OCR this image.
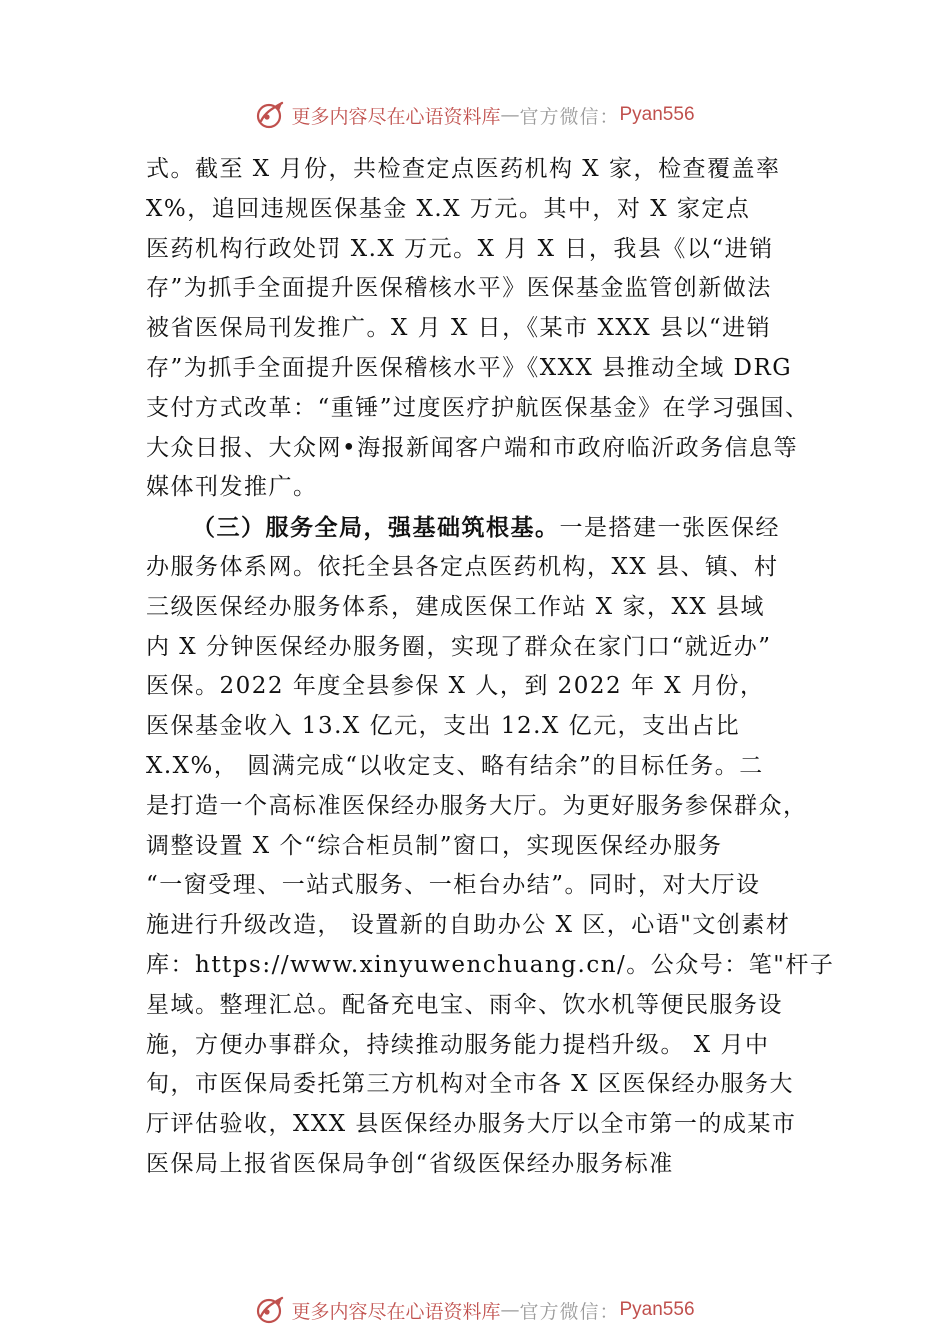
更多内容尽在心语资料库 — 官方微信： Pyan556
式。截至 X 月份，共检查定点医药机构 X 家，检查覆盖率
X%，追回违规医保基金 X.X 万元。其中，对 X 家定点
医药机构行政处罚 X.X 万元。X 月 X 日，我县《以“进销
存”为抓手全面提升医保稽核水平》医保基金监管创新做法
被省医保局刊发推广。X 月 X 日，《某市 XXX 县以“进销
存”为抓手全面提升医保稽核水平》《XXX 县推动全域 DRG
支付方式改革：“重锤”过度医疗护航医保基金》在学习强国、
大众日报、大众网•海报新闻客户端和市政府临沂政务信息等
媒体刊发推广。
（三）服务全局，强基础筑根基。一是搭建一张医保经
办服务体系网。依托全县各定点医药机构，XX 县、镇、村
三级医保经办服务体系，建成医保工作站 X 家，XX 县域
内 X 分钟医保经办服务圈，实现了群众在家门口“就近办”
医保。2022 年度全县参保 X 人，到 2022 年 X 月份，
医保基金收入 13.X 亿元，支出 12.X 亿元，支出占比
X.X%， 圆满完成“以收定支、略有结余”的目标任务。二
是打造一个高标准医保经办服务大厅。为更好服务参保群众，
调整设置 X 个“综合柜员制”窗口，实现医保经办服务
“一窗受理、一站式服务、一柜台办结”。同时，对大厅设
施进行升级改造， 设置新的自助办公 X 区，心语"文创素材
库：https://www.xinyuwenchuang.cn/。公众号：笔"杆子
星域。整理汇总。配备充电宝、雨伞、饮水机等便民服务设
施，方便办事群众，持续推动服务能力提档升级。 X 月中
旬，市医保局委托第三方机构对全市各 X 区医保经办服务大
厅评估验收，XXX 县医保经办服务大厅以全市第一的成某市
医保局上报省医保局争创“省级医保经办服务标准
更多内容尽在心语资料库 — 官方微信： Pyan556
